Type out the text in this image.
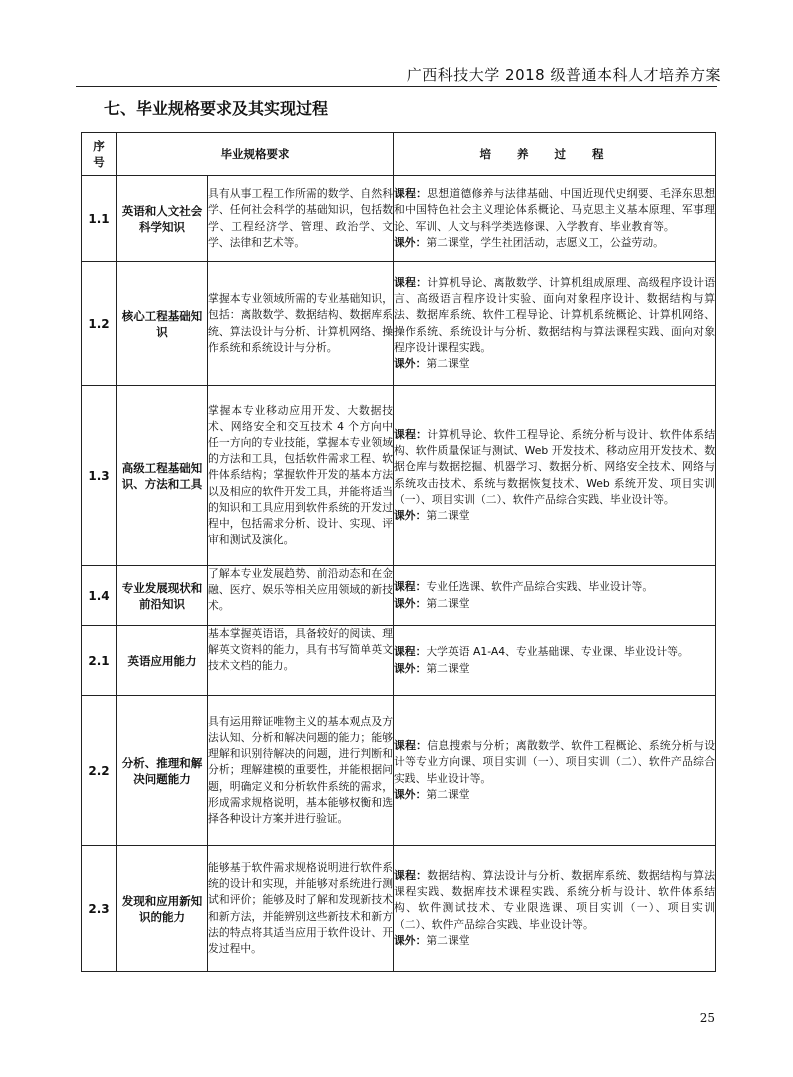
广西科技大学 2018 级普通本科人才培养方案
七、毕业规格要求及其实现过程
序
号	毕业规格要求		培养过程
1.1	英语和人文社会科学知识	具有从事工程工作所需的数学、自然科学、任何社会科学的基础知识，包括数学、工程经济学、管理、政治学、文学、法律和艺术等。	课程：思想道德修养与法律基础、中国近现代史纲要、毛泽东思想和中国特色社会主义理论体系概论、马克思主义基本原理、军事理论、军训、人文与科学类选修课、入学教育、毕业教育等。
课外：第二课堂，学生社团活动，志愿义工，公益劳动。
1.2	核心工程基础知识	掌握本专业领域所需的专业基础知识，包括：离散数学、数据结构、数据库系统、算法设计与分析、计算机网络、操作系统和系统设计与分析。	课程：计算机导论、离散数学、计算机组成原理、高级程序设计语言、高级语言程序设计实验、面向对象程序设计、数据结构与算法、数据库系统、软件工程导论、计算机系统概论、计算机网络、操作系统、系统设计与分析、数据结构与算法课程实践、面向对象程序设计课程实践。
课外：第二课堂
1.3	高级工程基础知识、方法和工具	掌握本专业移动应用开发、大数据技术、网络安全和交互技术 4 个方向中任一方向的专业技能，掌握本专业领域的方法和工具，包括软件需求工程、软件体系结构；掌握软件开发的基本方法以及相应的软件开发工具，并能将适当的知识和工具应用到软件系统的开发过程中，包括需求分析、设计、实现、评审和测试及演化。	课程：计算机导论、软件工程导论、系统分析与设计、软件体系结构、软件质量保证与测试、Web 开发技术、移动应用开发技术、数据仓库与数据挖掘、机器学习、数据分析、网络安全技术、网络与系统攻击技术、系统与数据恢复技术、Web 系统开发、项目实训（一）、项目实训（二）、软件产品综合实践、毕业设计等。
课外：第二课堂
1.4	专业发展现状和前沿知识	了解本专业发展趋势、前沿动态和在金融、医疗、娱乐等相关应用领域的新技术。	课程：专业任选课、软件产品综合实践、毕业设计等。
课外：第二课堂
2.1	英语应用能力	基本掌握英语语，具备较好的阅读、理解英文资料的能力，具有书写简单英文技术文档的能力。	课程：大学英语 A1-A4、专业基础课、专业课、毕业设计等。
课外：第二课堂
2.2	分析、推理和解决问题能力	具有运用辩证唯物主义的基本观点及方法认知、分析和解决问题的能力；能够理解和识别待解决的问题，进行判断和分析；理解建模的重要性，并能根据问题，明确定义和分析软件系统的需求，形成需求规格说明，基本能够权衡和选择各种设计方案并进行验证。	课程：信息搜索与分析；离散数学、软件工程概论、系统分析与设计等专业方向课、项目实训（一）、项目实训（二）、软件产品综合实践、毕业设计等。
课外：第二课堂
2.3	发现和应用新知识的能力	能够基于软件需求规格说明进行软件系统的设计和实现，并能够对系统进行测试和评价；能够及时了解和发现新技术和新方法，并能辨别这些新技术和新方法的特点将其适当应用于软件设计、开发过程中。	课程：数据结构、算法设计与分析、数据库系统、数据结构与算法课程实践、数据库技术课程实践、系统分析与设计、软件体系结构、软件测试技术、专业限选课、项目实训（一）、项目实训（二）、软件产品综合实践、毕业设计等。
课外：第二课堂
25
